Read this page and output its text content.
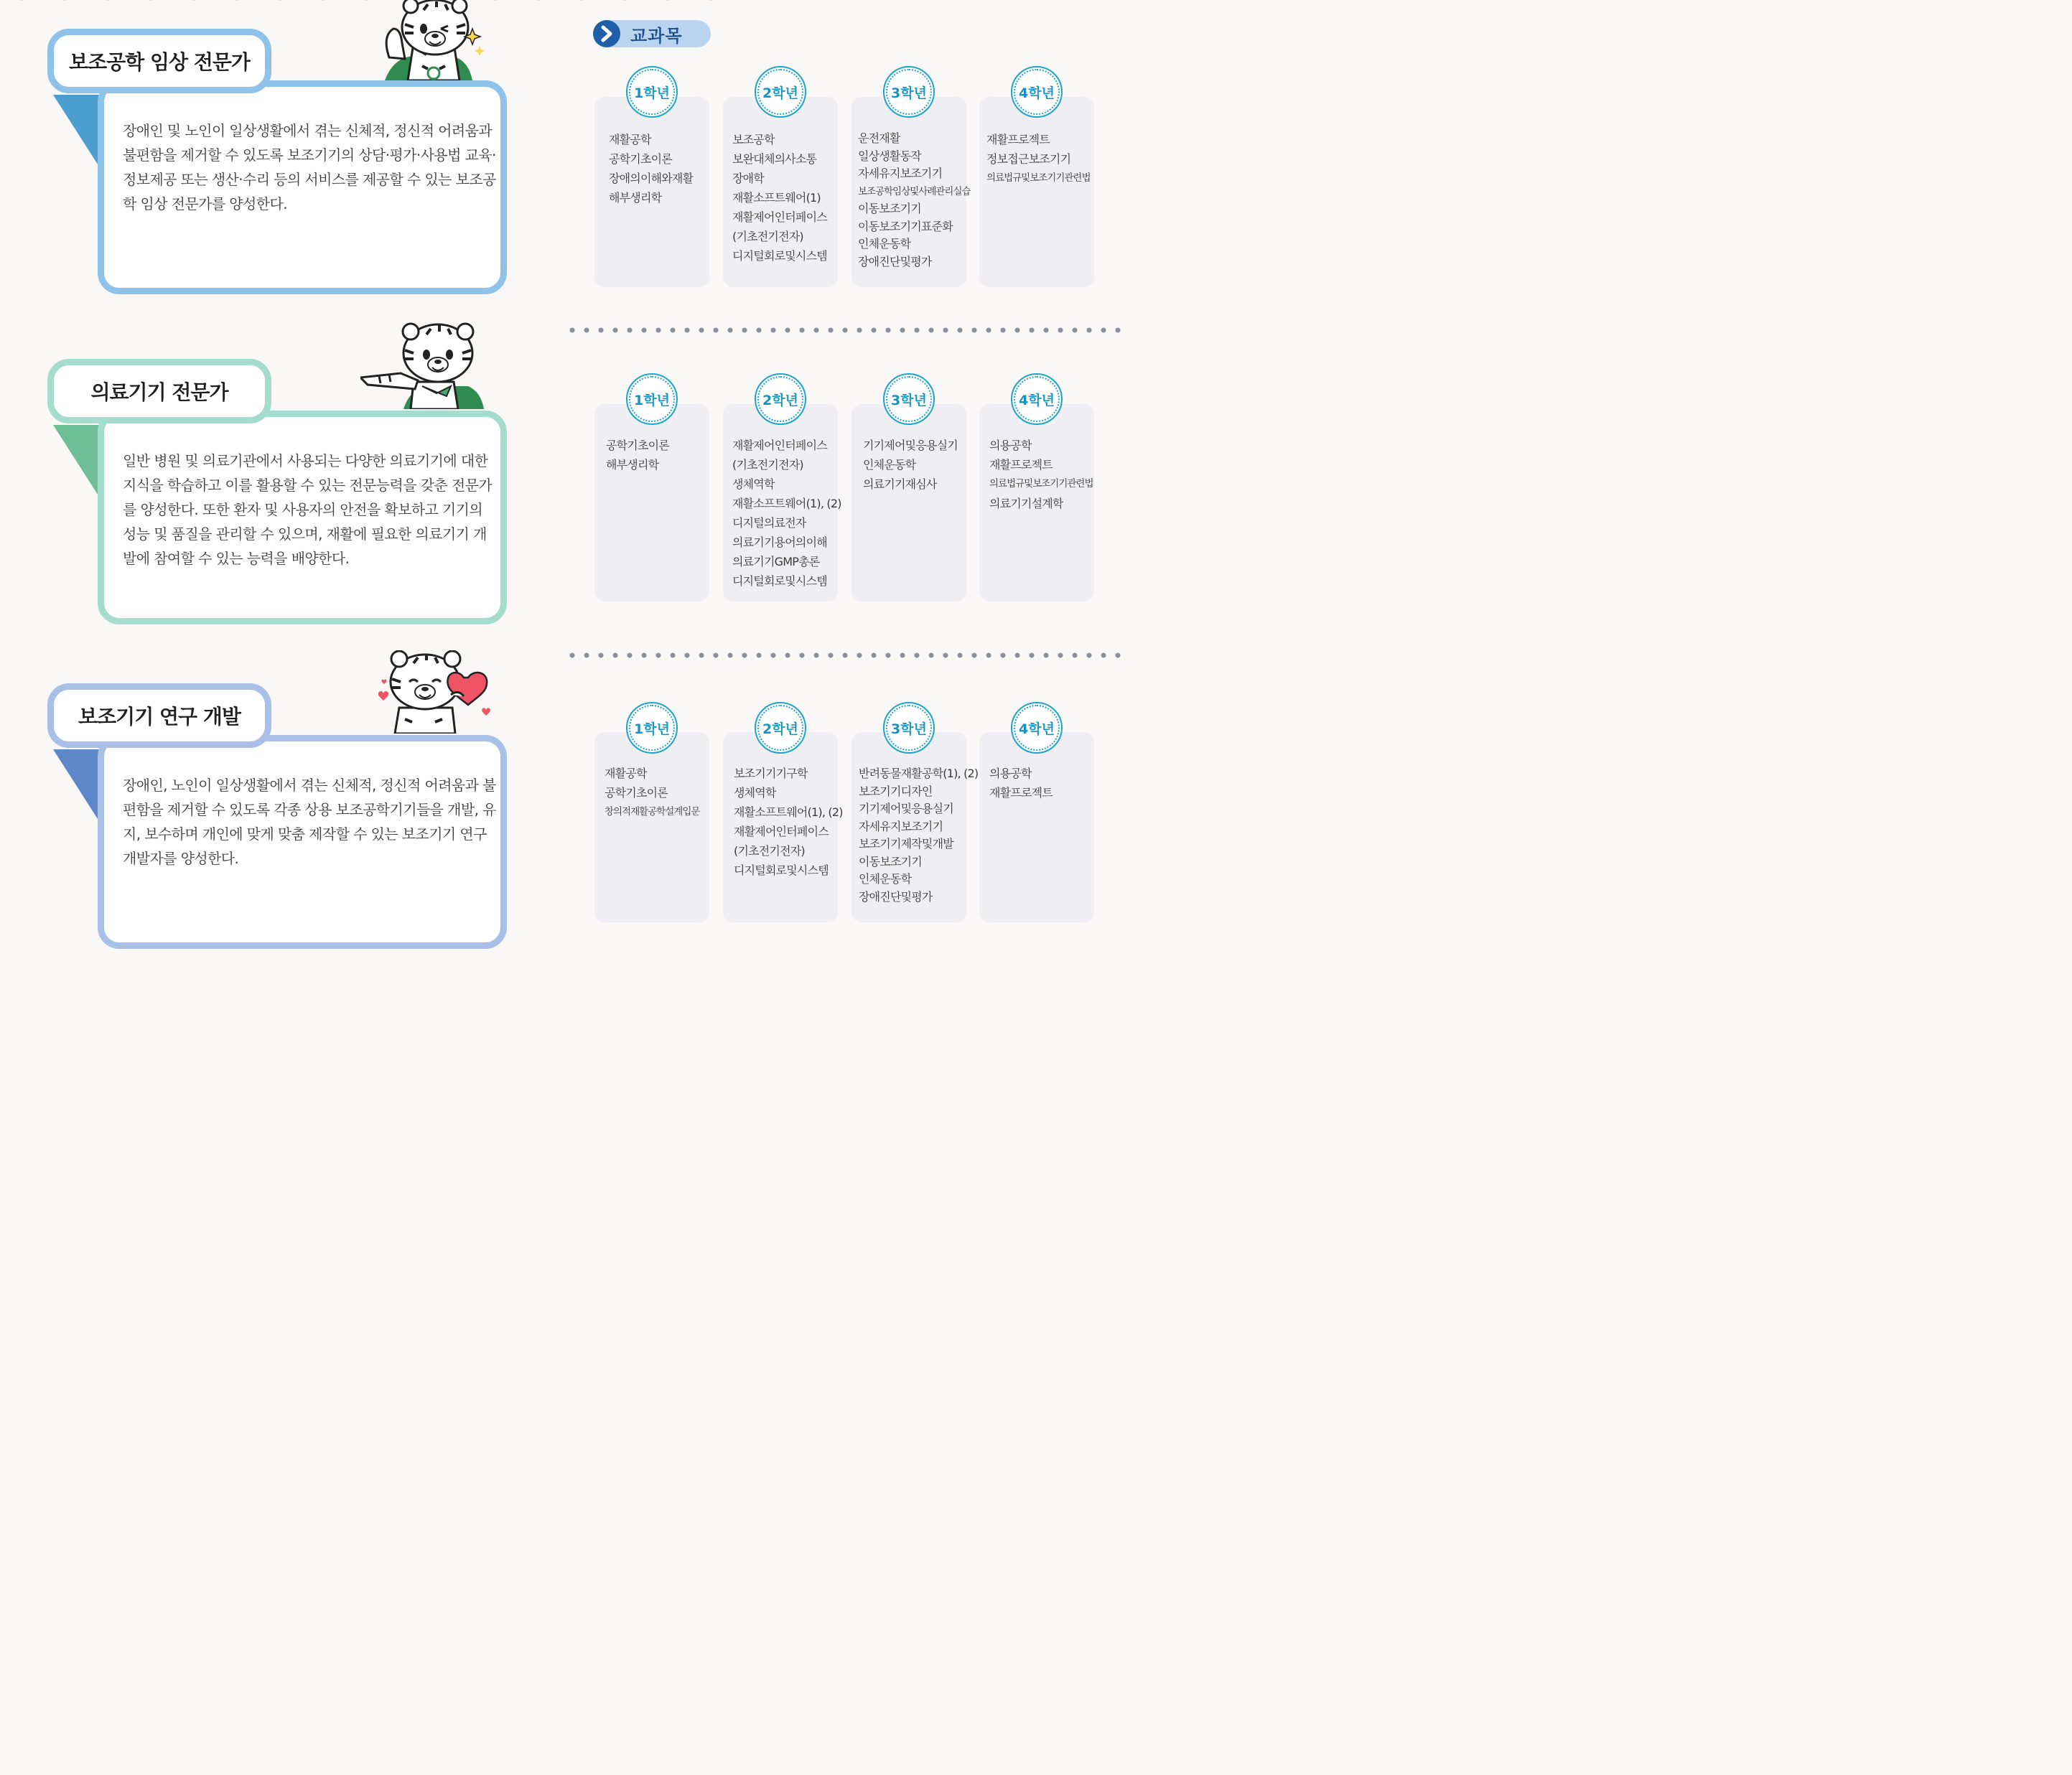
교과목

장애인 및 노인이 일상생활에서 겪는 신체적, 정신적 어려움과 불편함을 제거할 수 있도록 보조기기의 상담·평가·사용법 교육·정보제공 또는 생산·수리 등의 서비스를 제공할 수 있는 보조공학 임상 전문가를 양성한다.

보조공학 임상 전문가
재활공학
공학기초이론
장애의이해와재활
해부생리학
1학년
보조공학
보완대체의사소통
장애학
재활소프트웨어(1)
재활제어인터페이스
(기초전기전자)
디지털회로및시스템
2학년
운전재활
일상생활동작
자세유지보조기기
보조공학임상및사례관리실습
이동보조기기
이동보조기기표준화
인체운동학
장애진단및평가
3학년
재활프로젝트
정보접근보조기기
의료법규및보조기기관련법
4학년

일반 병원 및 의료기관에서 사용되는 다양한 의료기기에 대한 지식을 학습하고 이를 활용할 수 있는 전문능력을 갖춘 전문가를 양성한다. 또한 환자 및 사용자의 안전을 확보하고 기기의 성능 및 품질을 관리할 수 있으며, 재활에 필요한 의료기기 개발에 참여할 수 있는 능력을 배양한다.

의료기기 전문가
공학기초이론
해부생리학
1학년
재활제어인터페이스
(기초전기전자)
생체역학
재활소프트웨어(1), (2)
디지털의료전자
의료기기용어의이해
의료기기GMP총론
디지털회로및시스템
2학년
기기제어및응용실기
인체운동학
의료기기재심사
3학년
의용공학
재활프로젝트
의료법규및보조기기관련법
의료기기설계학
4학년

장애인, 노인이 일상생활에서 겪는 신체적, 정신적 어려움과 불편함을 제거할 수 있도록 각종 상용 보조공학기기들을 개발, 유지, 보수하며 개인에 맞게 맞춤 제작할 수 있는 보조기기 연구 개발자를 양성한다.

보조기기 연구 개발
재활공학
공학기초이론
창의적재활공학설계입문
1학년
보조기기기구학
생체역학
재활소프트웨어(1), (2)
재활제어인터페이스
(기초전기전자)
디지털회로및시스템
2학년
반려동물재활공학(1), (2)
보조기기디자인
기기제어및응용실기
자세유지보조기기
보조기기제작및개발
이동보조기기
인체운동학
장애진단및평가
3학년
의용공학
재활프로젝트
4학년
